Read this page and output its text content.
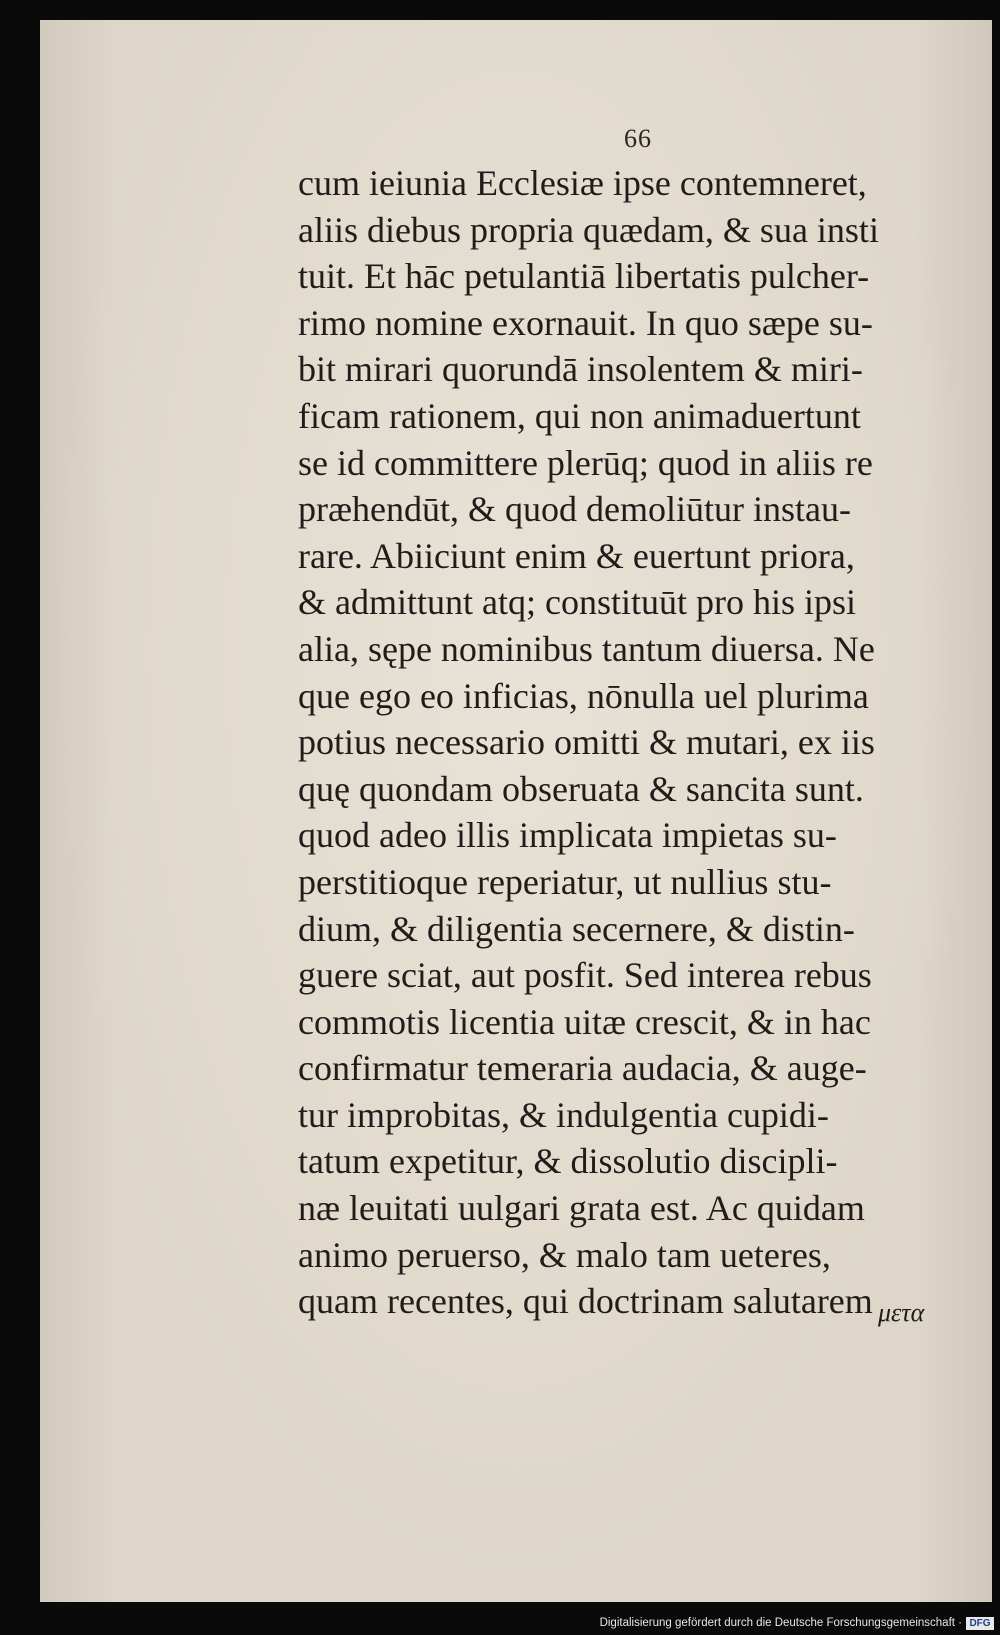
66
cum ieiunia Ecclesiæ ipse contemneret,
aliis diebus propria quædam, & sua insti
tuit. Et hāc petulantiā libertatis pulcher-
rimo nomine exornauit. In quo sæpe su-
bit mirari quorundā insolentem & miri-
ficam rationem, qui non animaduertunt
se id committere plerūq; quod in aliis re
præhendūt, & quod demoliūtur instau-
rare. Abiiciunt enim & euertunt priora,
& admittunt atq; constituūt pro his ipsi
alia, sępe nominibus tantum diuersa. Ne
que ego eo inficias, nōnulla uel plurima
potius necessario omitti & mutari, ex iis
quę quondam obseruata & sancita sunt.
quod adeo illis implicata impietas su-
perstitioque reperiatur, ut nullius stu-
dium, & diligentia secernere, & distin-
guere sciat, aut posfit. Sed interea rebus
commotis licentia uitæ crescit, & in hac
confirmatur temeraria audacia, & auge-
tur improbitas, & indulgentia cupidi-
tatum expetitur, & dissolutio discipli-
næ leuitati uulgari grata est. Ac quidam
animo peruerso, & malo tam ueteres,
quam recentes, qui doctrinam salutarem μετα
Digitalisierung gefördert durch die Deutsche Forschungsgemeinschaft · DFG
